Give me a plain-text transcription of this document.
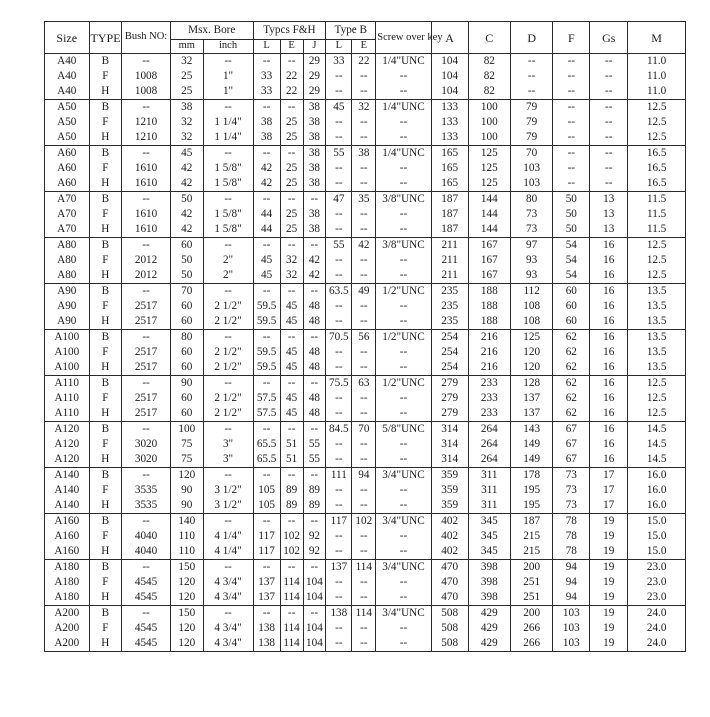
Size	TYPE	Bush NO:	Msx. Bore		Typcs F&H			Type B		Screw over key	A	C	D	F	Gs	M
			mm	inch	L	E	J	L	E							
A40	B	--	32	--	--	--	29	33	22	1/4"UNC	104	82	--	--	--	11.0
A40	F	1008	25	1"	33	22	29	--	--	--	104	82	--	--	--	11.0
A40	H	1008	25	1"	33	22	29	--	--	--	104	82	--	--	--	11.0
A50	B	--	38	--	--	--	38	45	32	1/4"UNC	133	100	79	--	--	12.5
A50	F	1210	32	1 1/4"	38	25	38	--	--	--	133	100	79	--	--	12.5
A50	H	1210	32	1 1/4"	38	25	38	--	--	--	133	100	79	--	--	12.5
A60	B	--	45	--	--	--	38	55	38	1/4"UNC	165	125	70	--	--	16.5
A60	F	1610	42	1 5/8"	42	25	38	--	--	--	165	125	103	--	--	16.5
A60	H	1610	42	1 5/8"	42	25	38	--	--	--	165	125	103	--	--	16.5
A70	B	--	50	--	--	--	--	47	35	3/8"UNC	187	144	80	50	13	11.5
A70	F	1610	42	1 5/8"	44	25	38	--	--	--	187	144	73	50	13	11.5
A70	H	1610	42	1 5/8"	44	25	38	--	--	--	187	144	73	50	13	11.5
A80	B	--	60	--	--	--	--	55	42	3/8"UNC	211	167	97	54	16	12.5
A80	F	2012	50	2"	45	32	42	--	--	--	211	167	93	54	16	12.5
A80	H	2012	50	2"	45	32	42	--	--	--	211	167	93	54	16	12.5
A90	B	--	70	--	--	--	--	63.5	49	1/2"UNC	235	188	112	60	16	13.5
A90	F	2517	60	2 1/2"	59.5	45	48	--	--	--	235	188	108	60	16	13.5
A90	H	2517	60	2 1/2"	59.5	45	48	--	--	--	235	188	108	60	16	13.5
A100	B	--	80	--	--	--	--	70.5	56	1/2"UNC	254	216	125	62	16	13.5
A100	F	2517	60	2 1/2"	59.5	45	48	--	--	--	254	216	120	62	16	13.5
A100	H	2517	60	2 1/2"	59.5	45	48	--	--	--	254	216	120	62	16	13.5
A110	B	--	90	--	--	--	--	75.5	63	1/2"UNC	279	233	128	62	16	12.5
A110	F	2517	60	2 1/2"	57.5	45	48	--	--	--	279	233	137	62	16	12.5
A110	H	2517	60	2 1/2"	57.5	45	48	--	--	--	279	233	137	62	16	12.5
A120	B	--	100	--	--	--	--	84.5	70	5/8"UNC	314	264	143	67	16	14.5
A120	F	3020	75	3"	65.5	51	55	--	--	--	314	264	149	67	16	14.5
A120	H	3020	75	3"	65.5	51	55	--	--	--	314	264	149	67	16	14.5
A140	B	--	120	--	--	--	--	111	94	3/4"UNC	359	311	178	73	17	16.0
A140	F	3535	90	3 1/2"	105	89	89	--	--	--	359	311	195	73	17	16.0
A140	H	3535	90	3 1/2"	105	89	89	--	--	--	359	311	195	73	17	16.0
A160	B	--	140	--	--	--	--	117	102	3/4"UNC	402	345	187	78	19	15.0
A160	F	4040	110	4 1/4"	117	102	92	--	--	--	402	345	215	78	19	15.0
A160	H	4040	110	4 1/4"	117	102	92	--	--	--	402	345	215	78	19	15.0
A180	B	--	150	--	--	--	--	137	114	3/4"UNC	470	398	200	94	19	23.0
A180	F	4545	120	4 3/4"	137	114	104	--	--	--	470	398	251	94	19	23.0
A180	H	4545	120	4 3/4"	137	114	104	--	--	--	470	398	251	94	19	23.0
A200	B	--	150	--	--	--	--	138	114	3/4"UNC	508	429	200	103	19	24.0
A200	F	4545	120	4 3/4"	138	114	104	--	--	--	508	429	266	103	19	24.0
A200	H	4545	120	4 3/4"	138	114	104	--	--	--	508	429	266	103	19	24.0
